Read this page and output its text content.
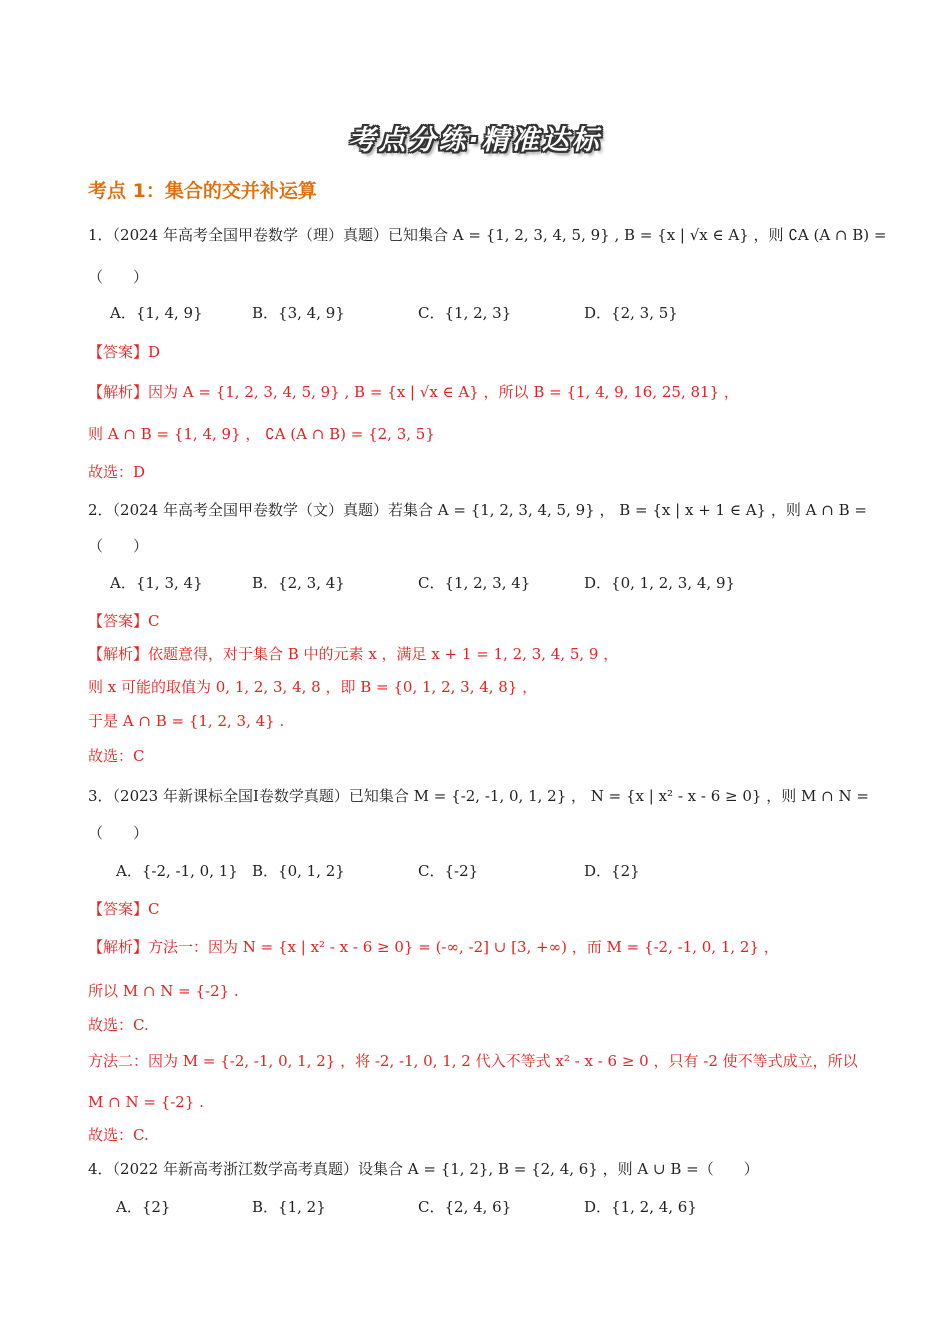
考点分练·精准达标
考点 1：集合的交并补运算
1．（2024 年高考全国甲卷数学（理）真题）已知集合 A = {1, 2, 3, 4, 5, 9} , B = {x | √x ∈ A} ，则 ∁A (A ∩ B) =
（　　）
A．{1, 4, 9}	B．{3, 4, 9}	C．{1, 2, 3}	D．{2, 3, 5}
【答案】D
【解析】因为 A = {1, 2, 3, 4, 5, 9} , B = {x | √x ∈ A} ，所以 B = {1, 4, 9, 16, 25, 81} ，
则 A ∩ B = {1, 4, 9} ， ∁A (A ∩ B) = {2, 3, 5}
故选：D
2．（2024 年高考全国甲卷数学（文）真题）若集合 A = {1, 2, 3, 4, 5, 9} ， B = {x | x + 1 ∈ A} ，则 A ∩ B =
（　　）
A．{1, 3, 4}	B．{2, 3, 4}	C．{1, 2, 3, 4}	D．{0, 1, 2, 3, 4, 9}
【答案】C
【解析】依题意得，对于集合 B 中的元素 x ，满足 x + 1 = 1, 2, 3, 4, 5, 9 ，
则 x 可能的取值为 0, 1, 2, 3, 4, 8 ，即 B = {0, 1, 2, 3, 4, 8} ，
于是 A ∩ B = {1, 2, 3, 4} .
故选：C
3．（2023 年新课标全国Ⅰ卷数学真题）已知集合 M = {-2, -1, 0, 1, 2} ， N = {x | x² - x - 6 ≥ 0} ，则 M ∩ N =
（　　）
A．{-2, -1, 0, 1} B．{0, 1, 2}	C．{-2}	D．{2}
【答案】C
【解析】方法一：因为 N = {x | x² - x - 6 ≥ 0} = (-∞, -2] ∪ [3, +∞) ，而 M = {-2, -1, 0, 1, 2} ，
所以 M ∩ N = {-2} .
故选：C.
方法二：因为 M = {-2, -1, 0, 1, 2} ，将 -2, -1, 0, 1, 2 代入不等式 x² - x - 6 ≥ 0 ，只有 -2 使不等式成立，所以
M ∩ N = {-2} .
故选：C.
4．（2022 年新高考浙江数学高考真题）设集合 A = {1, 2}, B = {2, 4, 6} ，则 A ∪ B =（　　）
A．{2}	B．{1, 2}	C．{2, 4, 6}	D．{1, 2, 4, 6}
